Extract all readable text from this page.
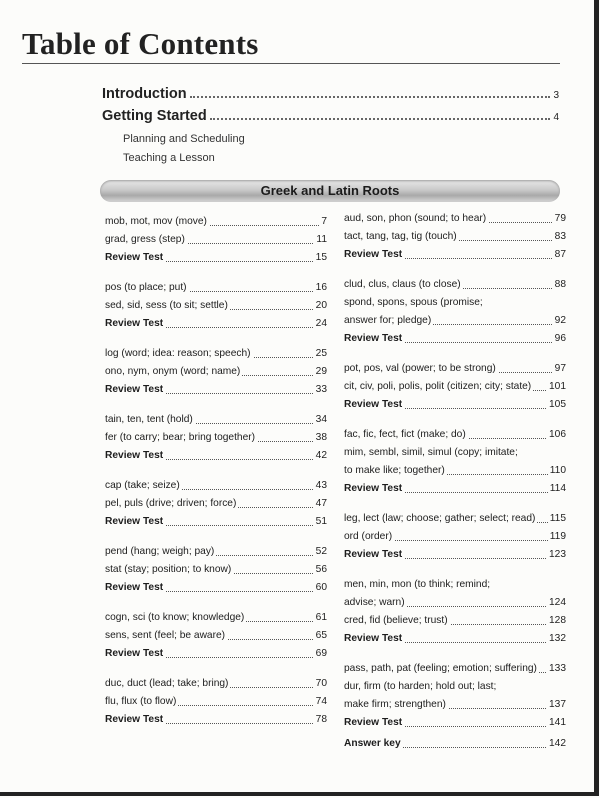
Table of Contents
Introduction	3
Getting Started	4
Planning and Scheduling
Teaching a Lesson
Greek and Latin Roots
mob, mot, mov (move)	7
grad, gress (step)	11
Review Test	15
pos (to place; put)	16
sed, sid, sess (to sit; settle)	20
Review Test	24
log (word; idea: reason; speech)	25
ono, nym, onym (word; name)	29
Review Test	33
tain, ten, tent (hold)	34
fer (to carry; bear; bring together)	38
Review Test	42
cap (take; seize)	43
pel, puls (drive; driven; force)	47
Review Test	51
pend (hang; weigh; pay)	52
stat (stay; position; to know)	56
Review Test	60
cogn, sci (to know; knowledge)	61
sens, sent (feel; be aware)	65
Review Test	69
duc, duct (lead; take; bring)	70
flu, flux (to flow)	74
Review Test	78
aud, son, phon (sound; to hear)	79
tact, tang, tag, tig (touch)	83
Review Test	87
clud, clus, claus (to close)	88
spond, spons, spous (promise;
answer for; pledge)	92
Review Test	96
pot, pos, val (power; to be strong)	97
cit, civ, poli, polis, polit (citizen; city; state) 101
Review Test	105
fac, fic, fect, fict (make; do)	106
mim, sembl, simil, simul (copy; imitate;
to make like; together)	110
Review Test	114
leg, lect (law; choose; gather; select; read) 115
ord (order)	119
Review Test	123
men, min, mon (to think; remind;
advise; warn)	124
cred, fid (believe; trust)	128
Review Test	132
pass, path, pat (feeling; emotion; suffering) 133
dur, firm (to harden; hold out; last;
make firm; strengthen)	137
Review Test	141
Answer key	142
